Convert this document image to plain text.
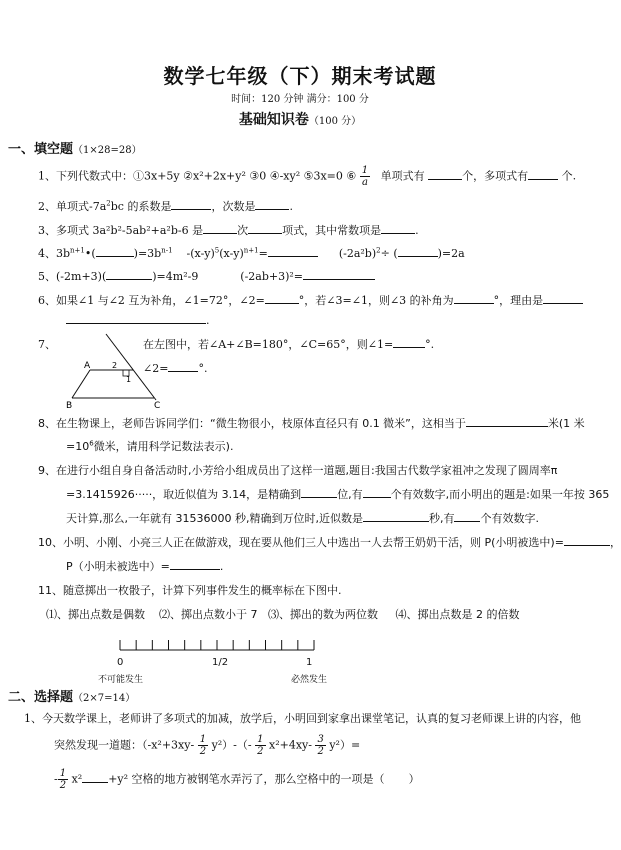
数学七年级（下）期末考试题
时间：120 分钟 满分：100 分
基础知识卷（100 分）
一、填空题（1×28=28）
1、下列代数式中：①3x+5y ②x²+2x+y² ③0 ④-xy² ⑤3x=0 ⑥ $\frac{1}{a}$ 单项式有	个，多项式有	个.
2、单项式$-7a^2bc$ 的系数是	，次数是	.
3、多项式 3a²b²-5ab²+a²b-6 是	次	项式，其中常数项是	.
4、$3b^{n+1}•$(	)$=3b^{n-1}$ $-(x-y)^5(x-y)^{n+1}=$	$(-2a^2b)^2\div$ (	)=2a
5、(-2m+3)(	)=4m²-9	(-2ab+3)²=
6、如果∠1 与∠2 互为补角，∠1=72°，∠2=	°，若∠3=∠1，则∠3 的补角为	°，理由是
.
7、	在左图中，若∠A+∠B=180°，∠C=65°，则∠1=	°.
∠2=	°.
A
B	C
2
1
8、在生物课上，老师告诉同学们：“微生物很小，枝原体直径只有 0.1 微米”，这相当于	米(1 米
$=10^6$微米，请用科学记数法表示).
9、在进行小组自身自备活动时,小芳给小组成员出了这样一道题,题目:我国古代数学家祖冲之发现了圆周率π
=3.1415926·····，取近似值为 3.14，是精确到	位,有	个有效数字,而小明出的题是:如果一年按 365
天计算,那么,一年就有 31536000 秒,精确到万位时,近似数是	秒,有 个有效数字.
10、小明、小刚、小亮三人正在做游戏，现在要从他们三人中选出一人去帮王奶奶干活，则 P(小明被选中)=	，
P（小明未被选中）=	.
11、随意掷出一枚骰子，计算下列事件发生的概率标在下图中.
⑴、掷出点数是偶数 ⑵、掷出点数小于 7 ⑶、掷出的数为两位数 ⑷、掷出点数是 2 的倍数
0	1/2	1
不可能发生	必然发生
二、选择题（2×7=14）
1、今天数学课上，老师讲了多项式的加减，放学后，小明回到家拿出课堂笔记，认真的复习老师课上讲的内容，他
突然发现一道题：$(-x^2+3xy- \frac{1}{2} y^2)-(- \frac{1}{2} x^2+4xy- \frac{3}{2} y^2)=$
- $\frac{1}{2} x^2 +y^2$ 空格的地方被钢笔水弄污了，那么空格中的一项是（ ）
